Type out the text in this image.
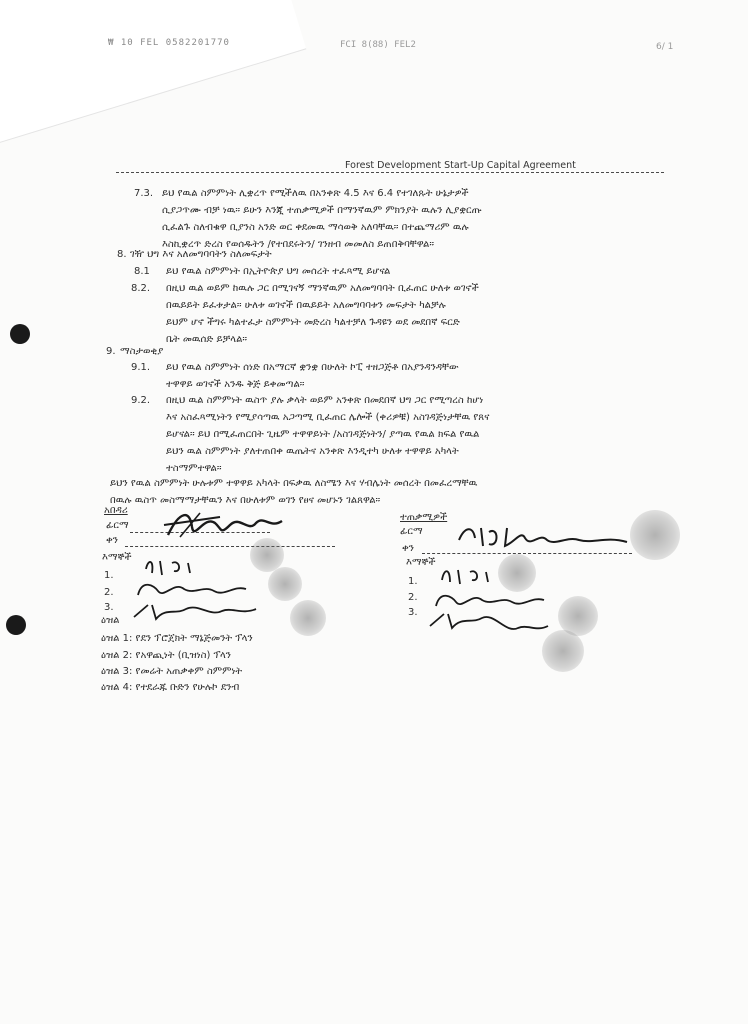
₩ 10 FEL 0582201770	FCI 8(88) FEL2	6/ 1
Forest Development Start-Up Capital Agreement
7.3. ይህ የዉል ስምምነት ሊቋረጥ የሚችለዉ በአንቀጽ 4.5 እና 6.4 የተገለጹት ሁኔታዎች
ሲያጋጥሙ ብቻ ነዉ። ይሁን እንጂ ተጠቃሚዎች በማንኛዉም ምክንያት ዉሉን ሊያቋርጡ
ሲፈልጉ ስለብቁዋ ቢያንስ አንድ ወር ቀደመዉ ማሳወቅ አለባቸዉ። በተጨማሪም ዉሉ
እስኪቋረጥ ድረስ የወሰዱትን /የተበደሩትን/ ገንዘብ መመለስ ይጠበቅባቸዋል።
8. ገዥ ህግ እና አለመግባባትን ስለመፍታት
8.1 ይህ የዉል ስምምነት በኢትዮጵያ ህግ መሰረት ተፈጻሚ ይሆናል
8.2. በዚህ ዉል ወይም ከዉሉ ጋር በሚገናኝ ማንኛዉም አለመግባባት ቢፈጠር ሁለቱ ወገኖች
በዉይይት ይፈቱታል። ሁለቱ ወገኖች በዉይይት አለመግባባቱን መፍታት ካልቻሉ
ይህም ሆኖ ችግሩ ካልተፈታ ስምምነት መድረስ ካልተቻለ ጉዳዩን ወደ መደበኛ ፍርድ
ቤት መዉሰድ ይቻላል።
9. ማስታወቂያ
9.1. ይህ የዉል ስምምነት ሰነድ በአማርኛ ቋንቋ በሁለት ኮፒ ተዘጋጅቶ በአያንዳንዳቸው
ተዋዋይ ወገኖች አንዱ ቅጅ ይቀመጣል።
9.2. በዚህ ዉል ስምምነት ዉስጥ ያሉ ቃላት ወይም አንቀጽ በመደበኛ ህግ ጋር የሚጣረስ ከሆነ
እና አስፈጻሚነትን የሚያሳጣዉ አጋጣሚ ቢፈጠር ሌሎች (ቀሪዎቹ) አስገዳጅነታቸዉ የጸና
ይሆናል። ይህ በሚፈጠርበት ጊዜም ተዋዋይነት /አስገዳጅነትን/ ያጣዉ የዉል ክፍል የዉል
ይህን ዉል ስምምነት ያለተጠበቀ ዉጤትና አንቀጽ እንዲተካ ሁለቱ ተዋዋይ አካላት
ተስማምተዋል።
ይህን የዉል ስምምነት ሁሉቱም ተዋዋይ አካላት በፍቃዉ ለስሜን እና ሃብሌነት መሰረት በመፈረማቸዉ
በዉሉ ዉስጥ መስማማታቸዉን እና በሁለቱም ወገን የፀና መሆኑን ገልጸዋል።
አበዳሪ
ፊርማ
ቀን
ተጠቃሚዎች
ፊርማ
ቀን
እማኞች
1.
2.
3.
እማኞች
1.
2.
3.
ዕዝል
ዕዝል 1: የደን ፕሮጀክት ማኔጅመንት ፕላን
ዕዝል 2: የአዋጪነት (ቢዝነስ) ፕላን
ዕዝል 3: የመሬት አጠቃቀም ስምምነት
ዕዝል 4: የተደራጁ ቡድን የሁሉኮ ደንብ
